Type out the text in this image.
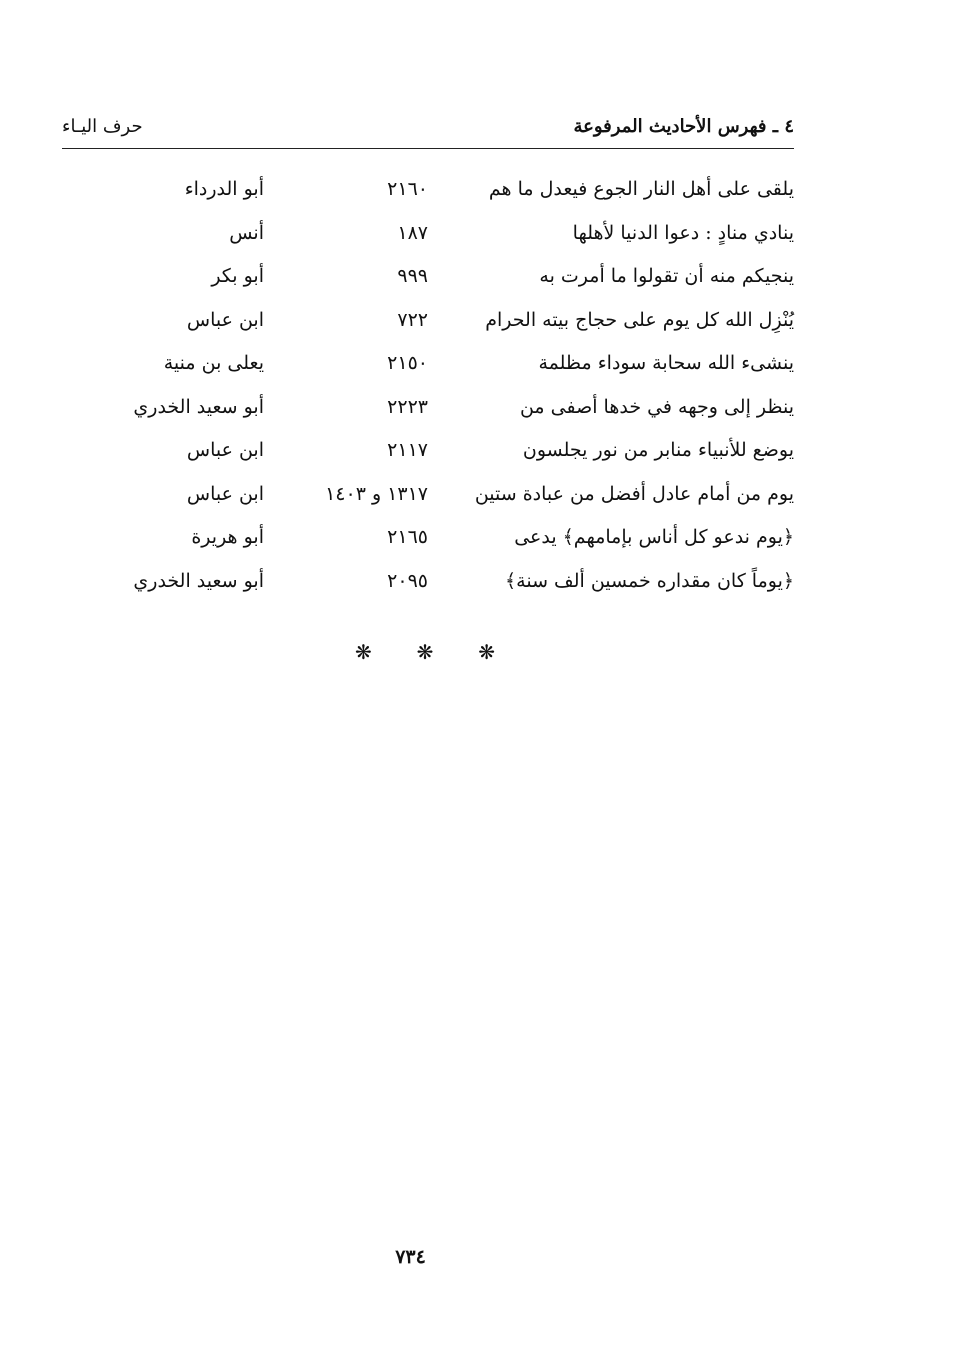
٤ ـ فهرس الأحاديث المرفوعة
حرف اليـاء
يلقى على أهل النار الجوع فيعدل ما هم
٢١٦٠
أبو الدرداء
ينادي منادٍ : دعوا الدنيا لأهلها
١٨٧
أنس
ينجيكم منه أن تقولوا ما أمرت به
٩٩٩
أبو بكر
يُنْزِل الله كل يوم على حجاج بيته الحرام
٧٢٢
ابن عباس
ينشىء الله سحابة سوداء مظلمة
٢١٥٠
يعلى بن منية
ينظر إلى وجهه في خدها أصفى من
٢٢٢٣
أبو سعيد الخدري
يوضع للأنبياء منابر من نور يجلسون
٢١١٧
ابن عباس
يوم من أمام عادل أفضل من عبادة ستين
١٣١٧ و ١٤٠٣
ابن عباس
﴿يوم ندعو كل أناس بإمامهم﴾ يدعى
٢١٦٥
أبو هريرة
﴿يوماً كان مقداره خمسين ألف سنة﴾
٢٠٩٥
أبو سعيد الخدري
❋ ❋ ❋
٧٣٤
